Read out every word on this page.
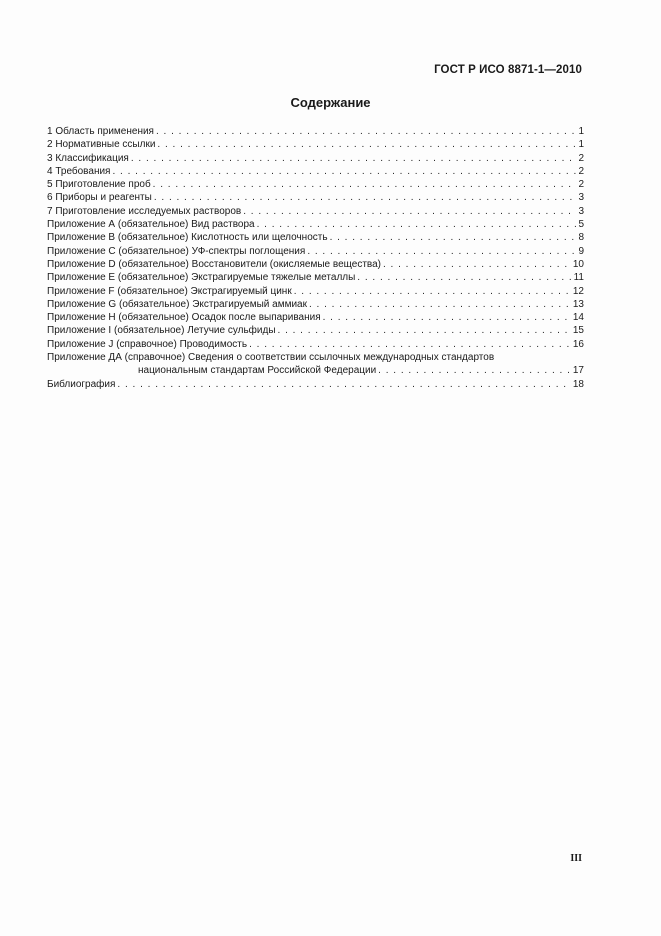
ГОСТ Р ИСО 8871-1—2010
Содержание
1 Область применения . . .	1
2 Нормативные ссылки . . .	1
3 Классификация . . .	2
4 Требования . . .	2
5 Приготовление проб . . .	2
6 Приборы и реагенты . . .	3
7 Приготовление исследуемых растворов . . .	3
Приложение А (обязательное) Вид раствора . . .	5
Приложение В (обязательное) Кислотность или щелочность . . .	8
Приложение С (обязательное) УФ-спектры поглощения . . .	9
Приложение D (обязательное) Восстановители (окисляемые вещества) . . .	10
Приложение Е (обязательное) Экстрагируемые тяжелые металлы . . .	11
Приложение F (обязательное) Экстрагируемый цинк . . .	12
Приложение G (обязательное) Экстрагируемый аммиак . . .	13
Приложение Н (обязательное) Осадок после выпаривания . . .	14
Приложение I (обязательное) Летучие сульфиды . . .	15
Приложение J (справочное) Проводимость . . .	16
Приложение ДА (справочное) Сведения о соответствии ссылочных международных стандартов
национальным стандартам Российской Федерации . . .	17
Библиография . . .	18
III
